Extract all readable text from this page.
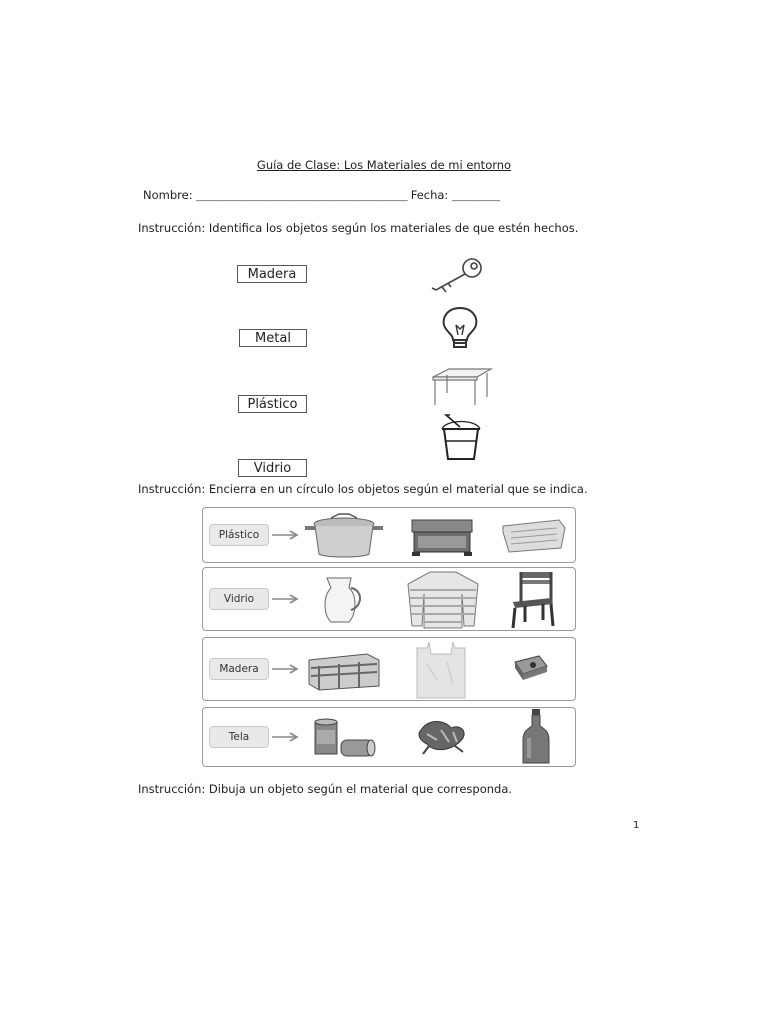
Guía de Clase: Los Materiales de mi entorno
Nombre: ______________________________________________________________ Fecha: ______________
Instrucción: Identifica los objetos según los materiales de que estén hechos.
Madera
Metal
Plástico
Vidrio
Instrucción: Encierra en un círculo los objetos según el material que se indica.
Plástico
Vidrio
Madera
Tela
Instrucción: Dibuja un objeto según el material que corresponda.
1
